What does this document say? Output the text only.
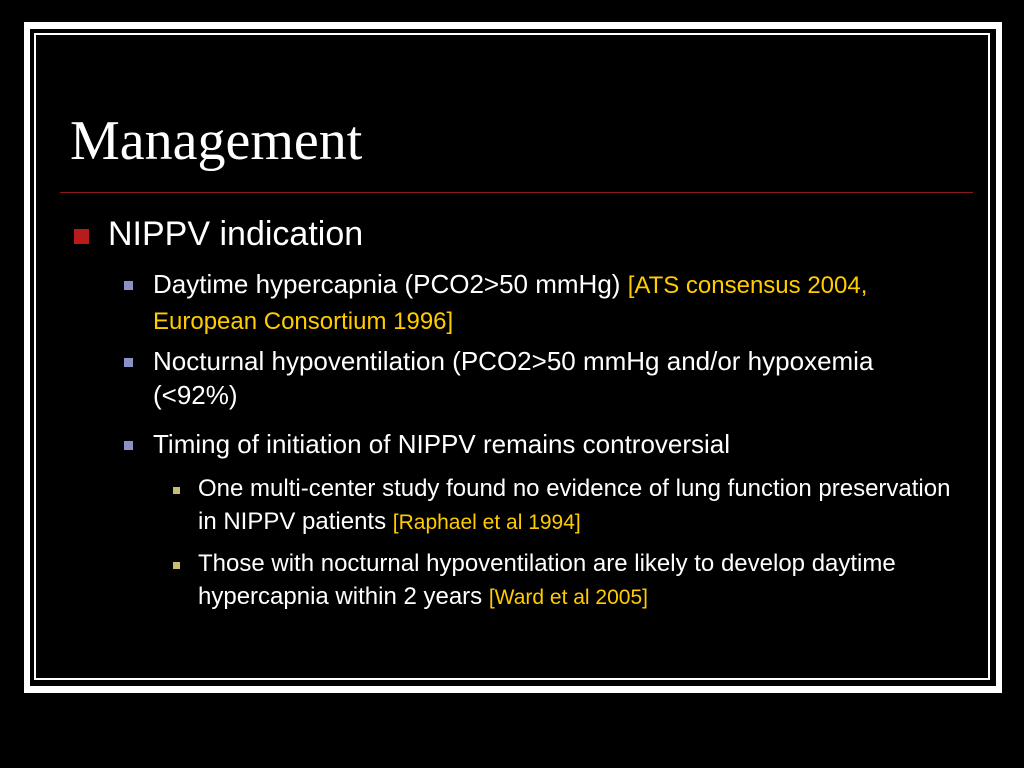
Management
NIPPV indication
Daytime hypercapnia (PCO2>50 mmHg) [ATS consensus 2004, European Consortium 1996]
Nocturnal hypoventilation (PCO2>50 mmHg and/or hypoxemia (<92%)
Timing of initiation of NIPPV remains controversial
One multi-center study found no evidence of lung function preservation in NIPPV patients [Raphael et al 1994]
Those with nocturnal hypoventilation are likely to develop daytime hypercapnia within 2 years [Ward et al 2005]
